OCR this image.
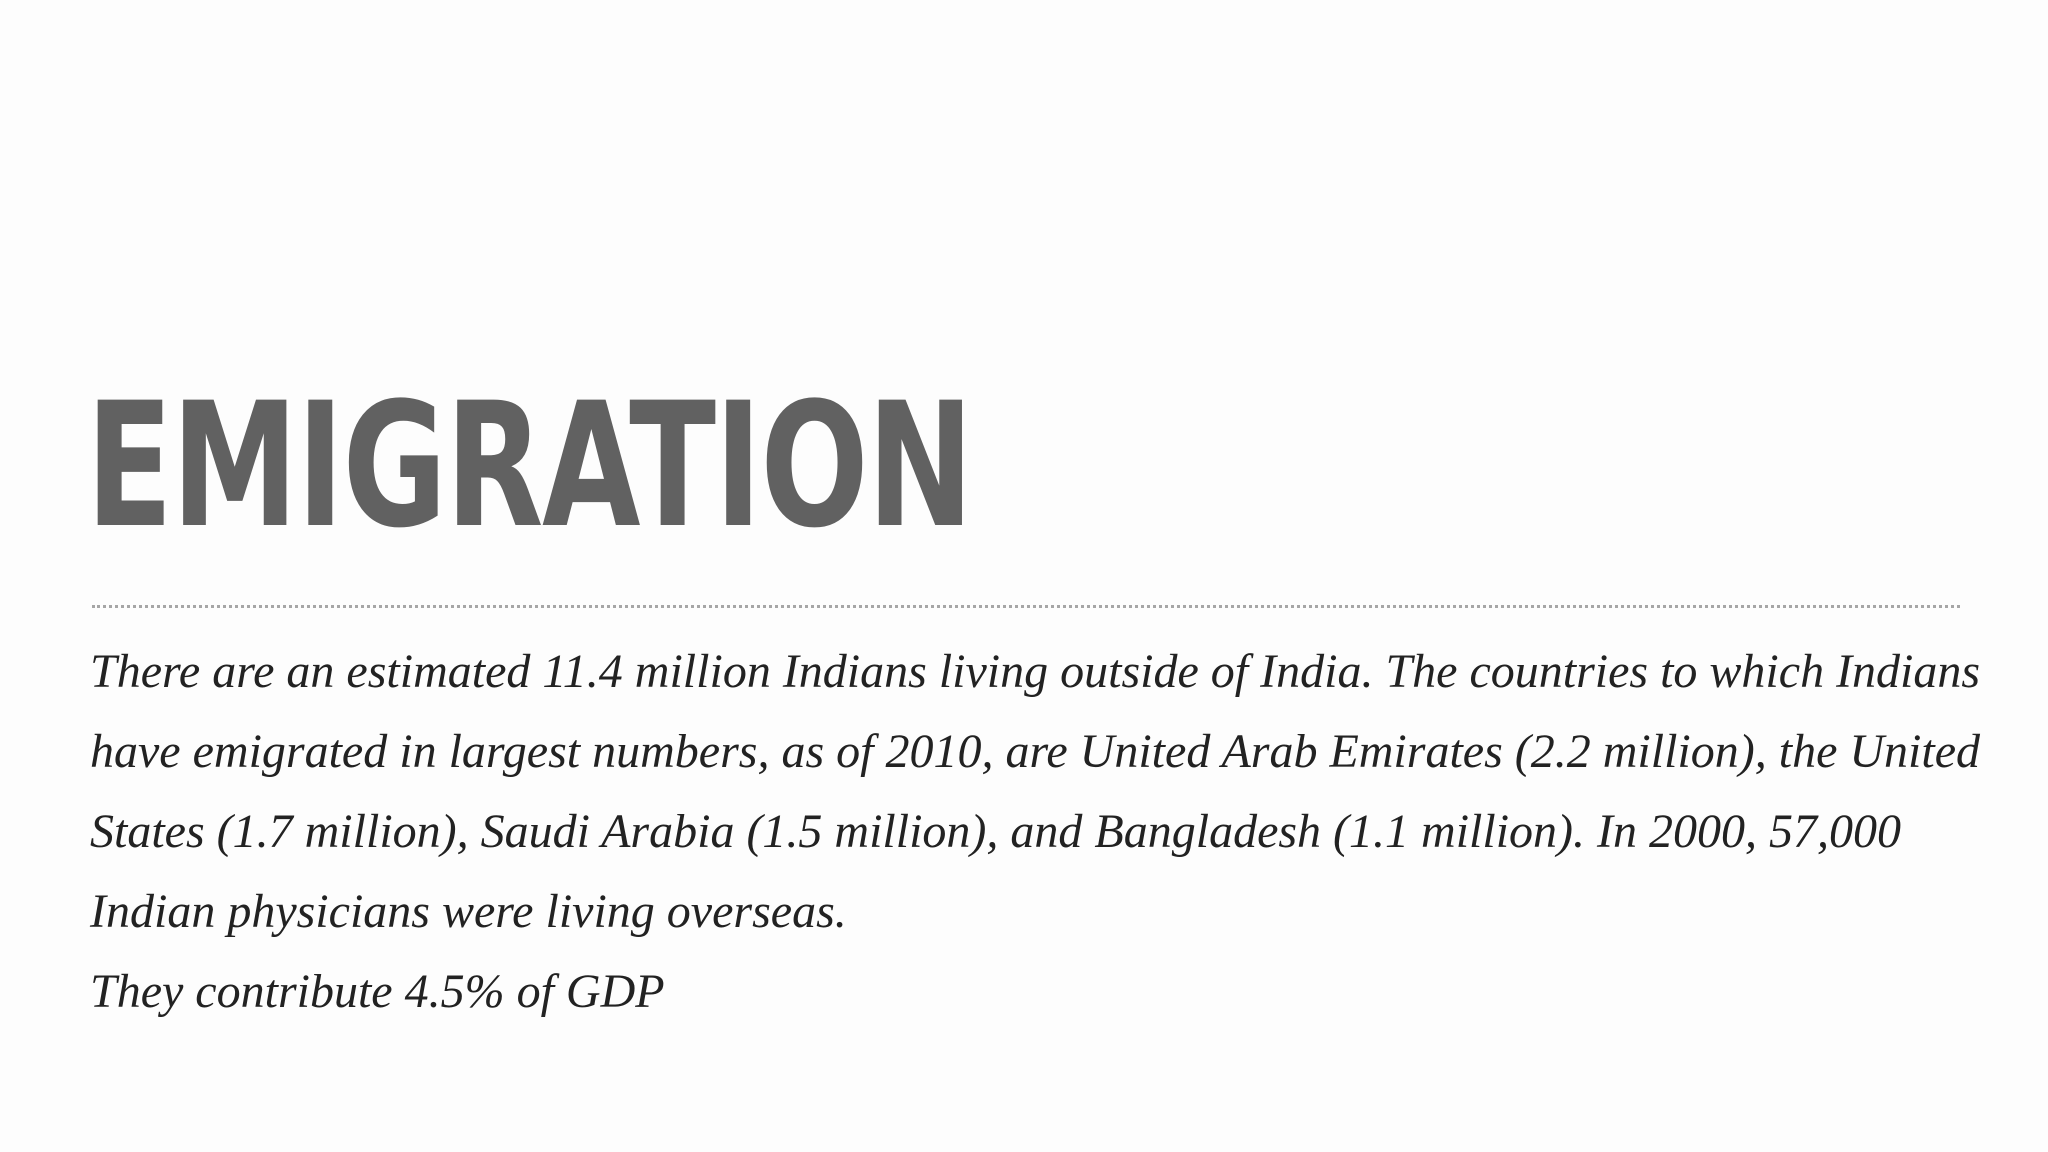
EMIGRATION

There are an estimated 11.4 million Indians living outside of India. The countries to which Indians have emigrated in largest numbers, as of 2010, are United Arab Emirates (2.2 million), the United States (1.7 million), Saudi Arabia (1.5 million), and Bangladesh (1.1 million). In 2000, 57,000 Indian physicians were living overseas.

They contribute 4.5% of GDP
